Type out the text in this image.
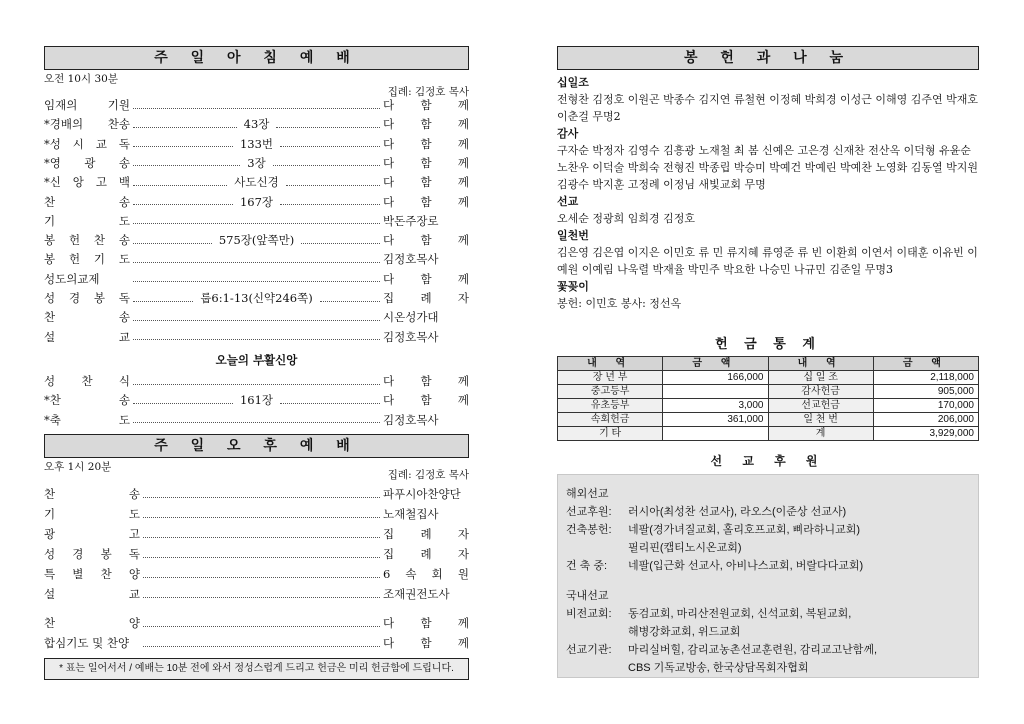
주 일 아 침 예 배
오전 10시 30분
집례: 김정호 목사
임재의 기원	다 함 께
*경배의 찬송	43장	다 함 께
*성 시 교 독	133번	다 함 께
*영 광 송	3장	다 함 께
*신 앙 고 백	사도신경	다 함 께
찬 송	167장	다 함 께
기 도	박돈주장로
봉 헌 찬 송	575장(앞쪽만)	다 함 께
봉 헌 기 도	김정호목사
성도의교제	다 함 께
성 경 봉 독	룹6:1-13(신약246쪽)	집 례 자
찬 송	시온성가대
설 교	김정호목사
오늘의 부활신앙
성 찬 식	다 함 께
*찬 송	161장	다 함 께
*축 도	김정호목사
주 일 오 후 예 배
오후 1시 20분
집례: 김정호 목사
찬 송	파푸시아찬양단
기 도	노재철집사
광 고	집 례 자
성 경 봉 독	집 례 자
특 별 찬 양	6 속 회 원
설 교	조재권전도사
찬 양	다 함 께
합심기도 및 찬양	다 함 께
* 표는 일어서서 / 예배는 10분 전에 와서 정성스럽게 드리고 헌금은 미리 헌금함에 드립니다.
봉 헌 과 나 눔
십일조
전형찬 김정호 이원곤 박종수 김지연 류철현 이정혜 박희경 이성근 이해영 김주연 박재호 이춘걸 무명2
감사
구자순 박정자 김영수 김흥광 노재철 최 봄 신예은 고은경 신재찬 전산옥 이덕형 유윤순 노찬우 이덕술 박희숙 전형진 박종립 박승미 박예건 박예린 박예찬 노영화 김동열 박지원 김광수 박지훈 고정례 이정님 새빛교회 무명
선교
오세순 정광희 임희경 김정호
일천번
김은영 김은엽 이지은 이민호 류 민 류지혜 류영준 류 빈 이환희 이연서 이태훈 이유빈 이예원 이예림 나욱렬 박재율 박민주 박요한 나승민 나규민 김준일 무명3
꽃꽂이
봉헌: 이민호 봉사: 정선옥
헌 금 통 계
내 역	금 액	내 역	금 액
장 년 부	166,000	십 일 조	2,118,000
중고등부		감사헌금	905,000
유초등부	3,000	선교헌금	170,000
속회헌금	361,000	일 천 번	206,000
기 타		계	3,929,000
선 교 후 원
해외선교
선교후원:	러시아(최성찬 선교사), 라오스(이준상 선교사)
건축봉헌:	네팔(경가녀질교회, 홀리호프교회, 삐라하니교회)
필리핀(캡티노시온교회)
건 축 중:	네팔(입근화 선교사, 아비나스교회, 버랄다다교회)
국내선교
비전교회:	동검교회, 마리산전원교회, 신석교회, 복된교회,
해병강화교회, 위드교회
선교기관:	마리실버힐, 감리교농촌선교훈련원, 감리교고난함께,
CBS 기독교방송, 한국상담목회자협회
